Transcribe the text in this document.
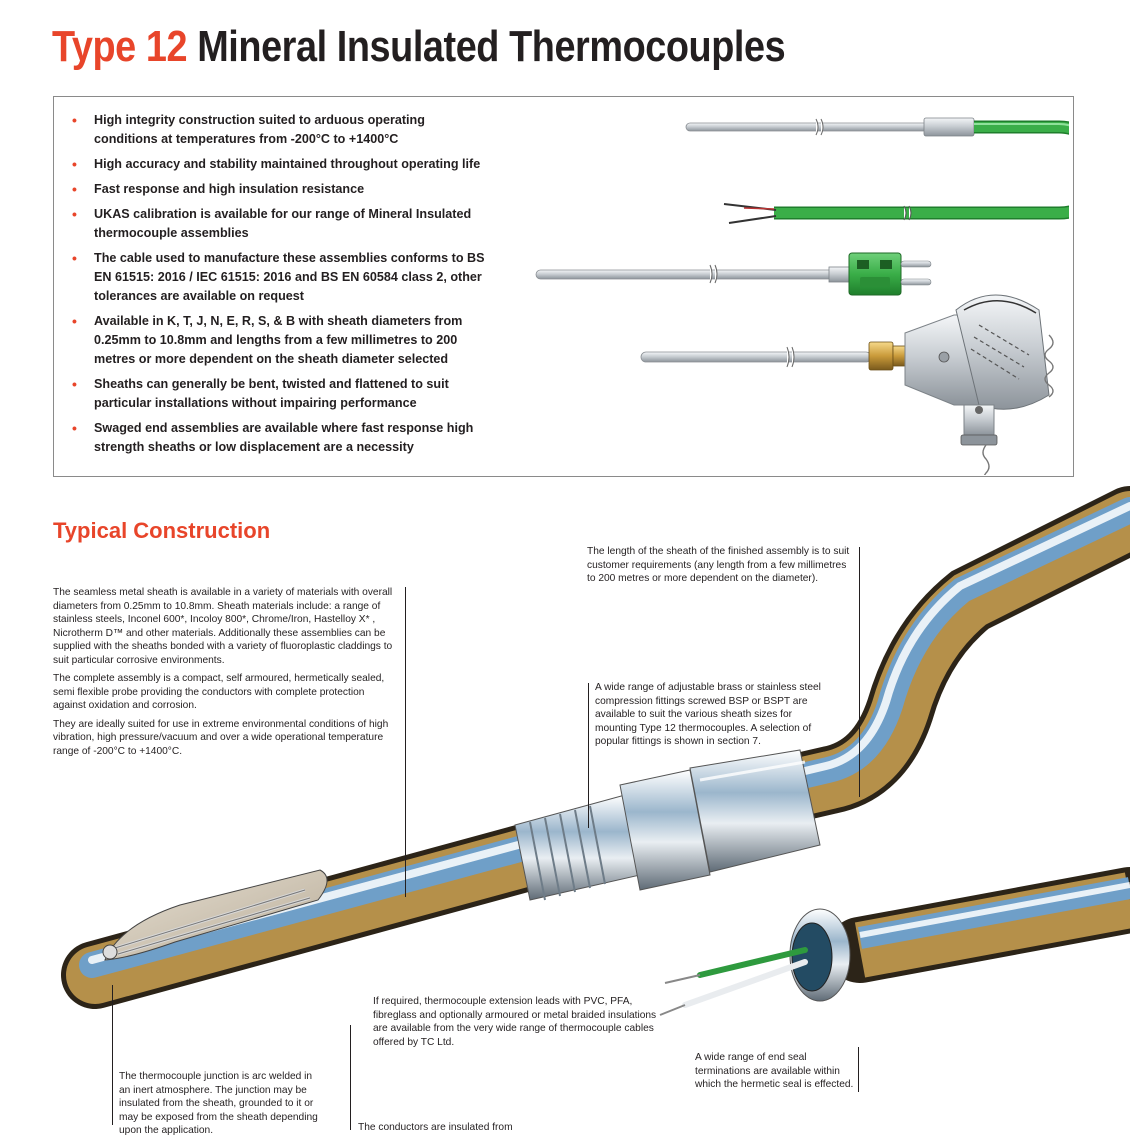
Type 12 Mineral Insulated Thermocouples
• High integrity construction suited to arduous operating conditions at temperatures from -200°C to +1400°C
• High accuracy and stability maintained throughout operating life
• Fast response and high insulation resistance
• UKAS calibration is available for our range of Mineral Insulated thermocouple assemblies
• The cable used to manufacture these assemblies conforms to BS EN 61515: 2016 / IEC 61515: 2016 and BS EN 60584 class 2, other tolerances are available on request
• Available in K, T, J, N, E, R, S, & B with sheath diameters from 0.25mm to 10.8mm and lengths from a few millimetres to 200 metres or more dependent on the sheath diameter selected
• Sheaths can generally be bent, twisted and flattened to suit particular installations without impairing performance
• Swaged end assemblies are available where fast response high strength sheaths or low displacement are a necessity
Typical Construction

The seamless metal sheath is available in a variety of materials with overall diameters from 0.25mm to 10.8mm. Sheath materials include: a range of stainless steels, Inconel 600*, Incoloy 800*, Chrome/Iron, Hastelloy X* , Nicrotherm D™ and other materials. Additionally these assemblies can be supplied with the sheaths bonded with a variety of fluoroplastic claddings to suit particular corrosive environments.

The complete assembly is a compact, self armoured, hermetically sealed, semi flexible probe providing the conductors with complete protection against oxidation and corrosion.

They are ideally suited for use in extreme environmental conditions of high vibration, high pressure/vacuum and over a wide operational temperature range of -200°C to +1400°C.

The length of the sheath of the finished assembly is to suit customer requirements (any length from a few millimetres to 200 metres or more dependent on the diameter).

A wide range of adjustable brass or stainless steel compression fittings screwed BSP or BSPT are available to suit the various sheath sizes for mounting Type 12 thermocouples. A selection of popular fittings is shown in section 7.

If required, thermocouple extension leads with PVC, PFA, fibreglass and optionally armoured or metal braided insulations are available from the very wide range of thermocouple cables offered by TC Ltd.

A wide range of end seal terminations are available within which the hermetic seal is effected.

The thermocouple junction is arc welded in an inert atmosphere. The junction may be insulated from the sheath, grounded to it or may be exposed from the sheath depending upon the application.	The conductors are insulated from
